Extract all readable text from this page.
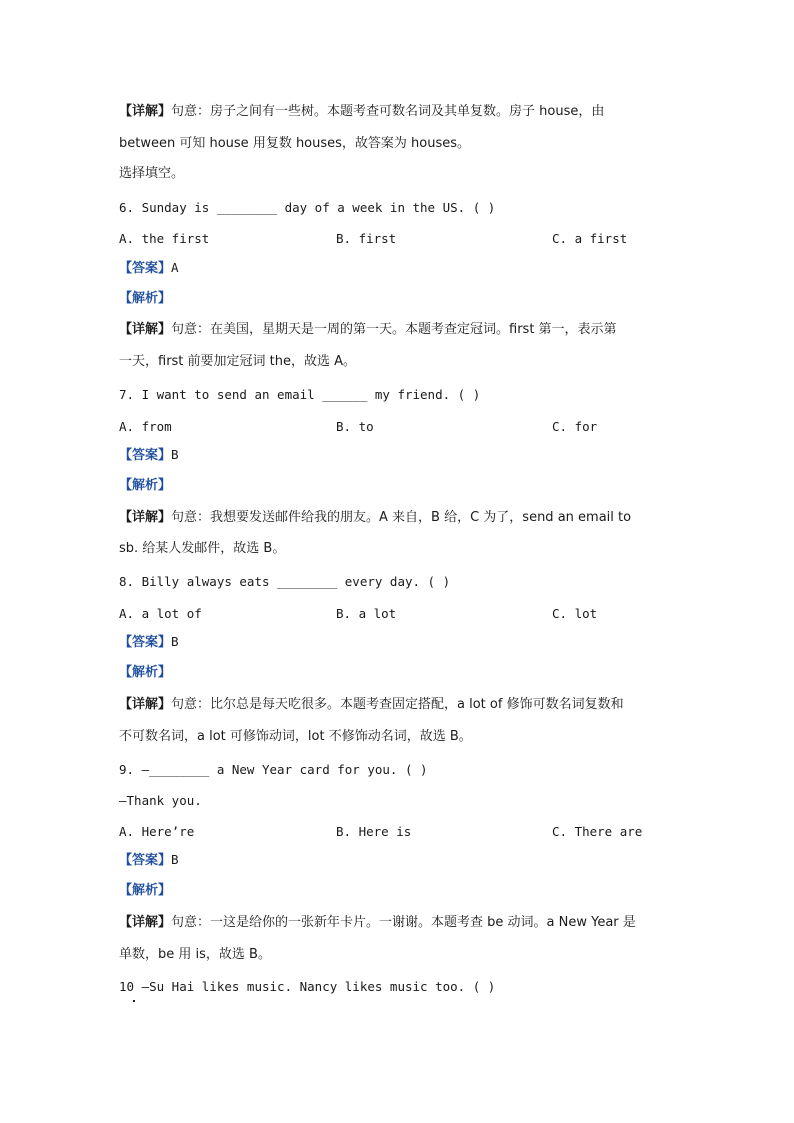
【详解】句意：房子之间有一些树。本题考查可数名词及其单复数。房子 house，由
between 可知 house 用复数 houses，故答案为 houses。
选择填空。
6. Sunday is ________ day of a week in the US. ( )
A. the first	B. first	C. a first
【答案】A
【解析】
【详解】句意：在美国，星期天是一周的第一天。本题考查定冠词。first 第一，表示第
一天，first 前要加定冠词 the，故选 A。
7. I want to send an email ______ my friend. ( )
A. from	B. to	C. for
【答案】B
【解析】
【详解】句意：我想要发送邮件给我的朋友。A 来自，B 给，C 为了，send an email to
sb. 给某人发邮件，故选 B。
8. Billy always eats ________ every day. ( )
A. a lot of	B. a lot	C. lot
【答案】B
【解析】
【详解】句意：比尔总是每天吃很多。本题考查固定搭配，a lot of 修饰可数名词复数和
不可数名词，a lot 可修饰动词，lot 不修饰动名词，故选 B。
9. —________ a New Year card for you. ( )
—Thank you.
A. Here’re	B. Here is	C. There are
【答案】B
【解析】
【详解】句意：一这是给你的一张新年卡片。一谢谢。本题考查 be 动词。a New Year 是
单数，be 用 is，故选 B。
10 —Su Hai likes music. Nancy likes music too. ( )
